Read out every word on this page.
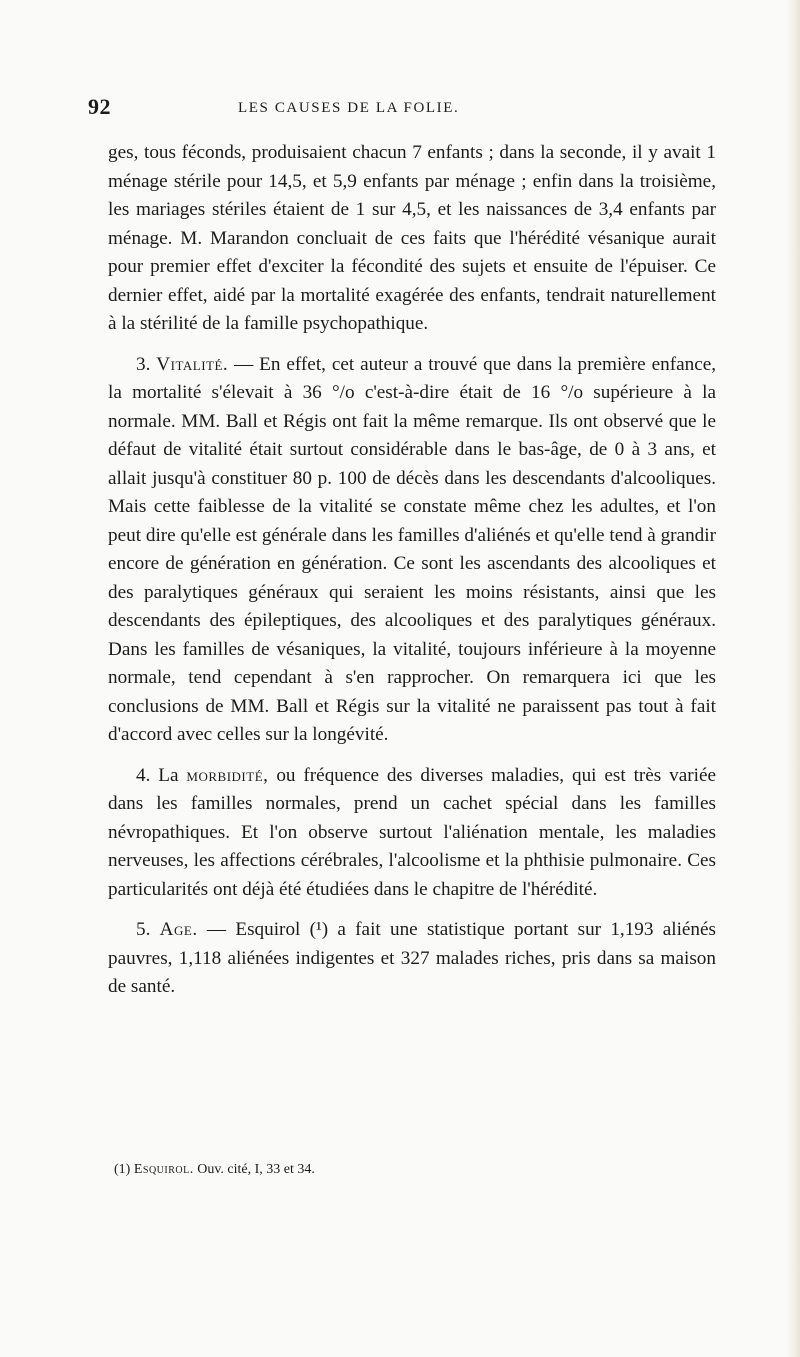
92	LES CAUSES DE LA FOLIE.

ges, tous féconds, produisaient chacun 7 enfants ; dans la seconde, il y avait 1 ménage stérile pour 14,5, et 5,9 enfants par ménage ; enfin dans la troisième, les mariages stériles étaient de 1 sur 4,5, et les naissances de 3,4 enfants par ménage. M. Marandon concluait de ces faits que l'hérédité vésanique aurait pour premier effet d'exciter la fécondité des sujets et ensuite de l'épuiser. Ce dernier effet, aidé par la mortalité exagérée des enfants, tendrait naturellement à la stérilité de la famille psychopathique.

3. Vitalité. — En effet, cet auteur a trouvé que dans la première enfance, la mortalité s'élevait à 36 °/o c'est-à-dire était de 16 °/o supérieure à la normale. MM. Ball et Régis ont fait la même remarque. Ils ont observé que le défaut de vitalité était surtout considérable dans le bas-âge, de 0 à 3 ans, et allait jusqu'à constituer 80 p. 100 de décès dans les descendants d'alcooliques. Mais cette faiblesse de la vitalité se constate même chez les adultes, et l'on peut dire qu'elle est générale dans les familles d'aliénés et qu'elle tend à grandir encore de génération en génération. Ce sont les ascendants des alcooliques et des paralytiques généraux qui seraient les moins résistants, ainsi que les descendants des épileptiques, des alcooliques et des paralytiques généraux. Dans les familles de vésaniques, la vitalité, toujours inférieure à la moyenne normale, tend cependant à s'en rapprocher. On remarquera ici que les conclusions de MM. Ball et Régis sur la vitalité ne paraissent pas tout à fait d'accord avec celles sur la longévité.

4. La morbidité, ou fréquence des diverses maladies, qui est très variée dans les familles normales, prend un cachet spécial dans les familles névropathiques. Et l'on observe surtout l'aliénation mentale, les maladies nerveuses, les affections cérébrales, l'alcoolisme et la phthisie pulmonaire. Ces particularités ont déjà été étudiées dans le chapitre de l'hérédité.

5. Age. — Esquirol (¹) a fait une statistique portant sur 1,193 aliénés pauvres, 1,118 aliénées indigentes et 327 malades riches, pris dans sa maison de santé.

(1) Esquirol. Ouv. cité, I, 33 et 34.
